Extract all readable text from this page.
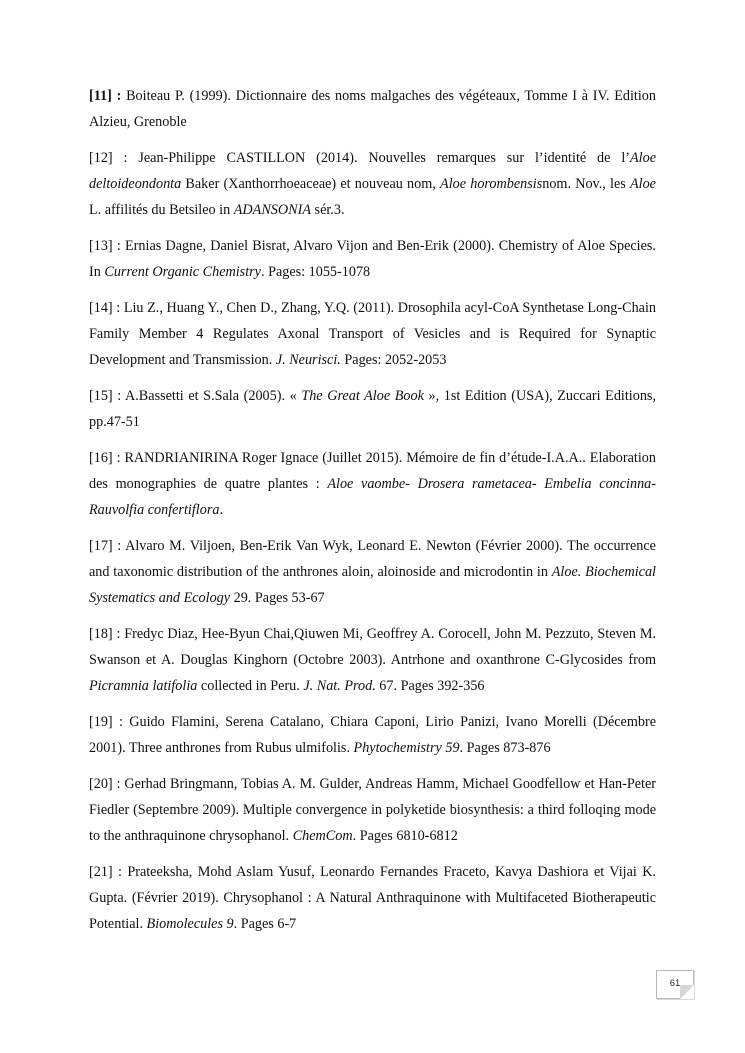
[11] : Boiteau P. (1999). Dictionnaire des noms malgaches des végéteaux, Tomme I à IV. Edition Alzieu, Grenoble

[12] : Jean-Philippe CASTILLON (2014). Nouvelles remarques sur l’identité de l’Aloe deltoideondonta Baker (Xanthorrhoeaceae) et nouveau nom, Aloe horombensisnom. Nov., les Aloe L. affilités du Betsileo in ADANSONIA sér.3.

[13] : Ernias Dagne, Daniel Bisrat, Alvaro Vijon and Ben-Erik (2000). Chemistry of Aloe Species. In Current Organic Chemistry. Pages: 1055-1078

[14] : Liu Z., Huang Y., Chen D., Zhang, Y.Q. (2011). Drosophila acyl-CoA Synthetase Long-Chain Family Member 4 Regulates Axonal Transport of Vesicles and is Required for Synaptic Development and Transmission. J. Neurisci. Pages: 2052-2053

[15] : A.Bassetti et S.Sala (2005). « The Great Aloe Book », 1st Edition (USA), Zuccari Editions, pp.47-51

[16] : RANDRIANIRINA Roger Ignace (Juillet 2015). Mémoire de fin d’étude-I.A.A.. Elaboration des monographies de quatre plantes : Aloe vaombe- Drosera rametacea- Embelia concinna- Rauvolfia confertiflora.

[17] : Alvaro M. Viljoen, Ben-Erik Van Wyk, Leonard E. Newton (Février 2000). The occurrence and taxonomic distribution of the anthrones aloin, aloinoside and microdontin in Aloe. Biochemical Systematics and Ecology 29. Pages 53-67

[18] : Fredyc Diaz, Hee-Byun Chai,Qiuwen Mi, Geoffrey A. Corocell, John M. Pezzuto, Steven M. Swanson et A. Douglas Kinghorn (Octobre 2003). Antrhone and oxanthrone C-Glycosides from Picramnia latifolia collected in Peru. J. Nat. Prod. 67. Pages 392-356

[19] : Guido Flamini, Serena Catalano, Chiara Caponi, Lirio Panizi, Ivano Morelli (Décembre 2001). Three anthrones from Rubus ulmifolis. Phytochemistry 59. Pages 873-876

[20] : Gerhad Bringmann, Tobias A. M. Gulder, Andreas Hamm, Michael Goodfellow et Han-Peter Fiedler (Septembre 2009). Multiple convergence in polyketide biosynthesis: a third folloqing mode to the anthraquinone chrysophanol. ChemCom. Pages 6810-6812

[21] : Prateeksha, Mohd Aslam Yusuf, Leonardo Fernandes Fraceto, Kavya Dashiora et Vijai K. Gupta. (Février 2019). Chrysophanol : A Natural Anthraquinone with Multifaceted Biotherapeutic Potential. Biomolecules 9. Pages 6-7

61
